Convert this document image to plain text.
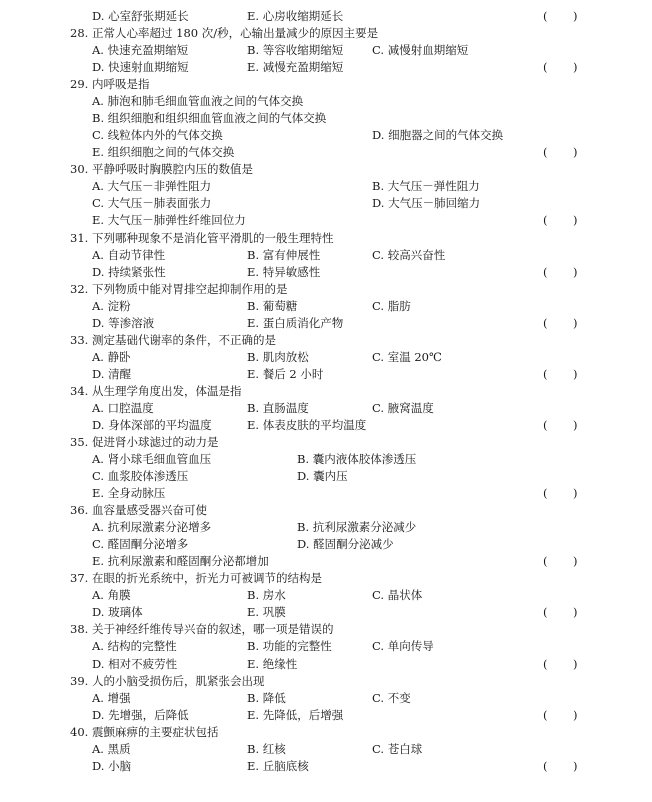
D. 心室舒张期延长	E. 心房收缩期延长	( )
28. 正常人心率超过 180 次/秒，心输出量减少的原因主要是
A. 快速充盈期缩短	B. 等容收缩期缩短 C. 减慢射血期缩短
D. 快速射血期缩短	E. 减慢充盈期缩短	( )
29. 内呼吸是指
A. 肺泡和肺毛细血管血液之间的气体交换
B. 组织细胞和组织细血管血液之间的气体交换
C. 线粒体内外的气体交换	D. 细胞器之间的气体交换
E. 组织细胞之间的气体交换	( )
30. 平静呼吸时胸膜腔内压的数值是
A. 大气压－非弹性阻力	B. 大气压－弹性阻力
C. 大气压－肺表面张力	D. 大气压－肺回缩力
E. 大气压－肺弹性纤维回位力	( )
31. 下列哪种现象不是消化管平滑肌的一般生理特性
A. 自动节律性	B. 富有伸展性	C. 较高兴奋性
D. 持续紧张性	E. 特异敏感性	( )
32. 下列物质中能对胃排空起抑制作用的是
A. 淀粉	B. 葡萄糖	C. 脂肪
D. 等渗溶液	E. 蛋白质消化产物	( )
33. 测定基础代谢率的条件，不正确的是
A. 静卧	B. 肌肉放松	C. 室温 20℃
D. 清醒	E. 餐后 2 小时	( )
34. 从生理学角度出发，体温是指
A. 口腔温度	B. 直肠温度	C. 腋窝温度
D. 身体深部的平均温度	E. 体表皮肤的平均温度	( )
35. 促进肾小球滤过的动力是
A. 肾小球毛细血管血压	B. 囊内液体胶体渗透压
C. 血浆胶体渗透压	D. 囊内压
E. 全身动脉压	( )
36. 血容量感受器兴奋可使
A. 抗利尿激素分泌增多	B. 抗利尿激素分泌减少
C. 醛固酮分泌增多	D. 醛固酮分泌减少
E. 抗利尿激素和醛固酮分泌都增加	( )
37. 在眼的折光系统中，折光力可被调节的结构是
A. 角膜	B. 房水	C. 晶状体
D. 玻璃体	E. 巩膜	( )
38. 关于神经纤维传导兴奋的叙述，哪一项是错误的
A. 结构的完整性	B. 功能的完整性	C. 单向传导
D. 相对不疲劳性	E. 绝缘性	( )
39. 人的小脑受损伤后，肌紧张会出现
A. 增强	B. 降低	C. 不变
D. 先增强，后降低	E. 先降低，后增强	( )
40. 震颤麻痹的主要症状包括
A. 黑质	B. 红核	C. 苍白球
D. 小脑	E. 丘脑底核	( )
